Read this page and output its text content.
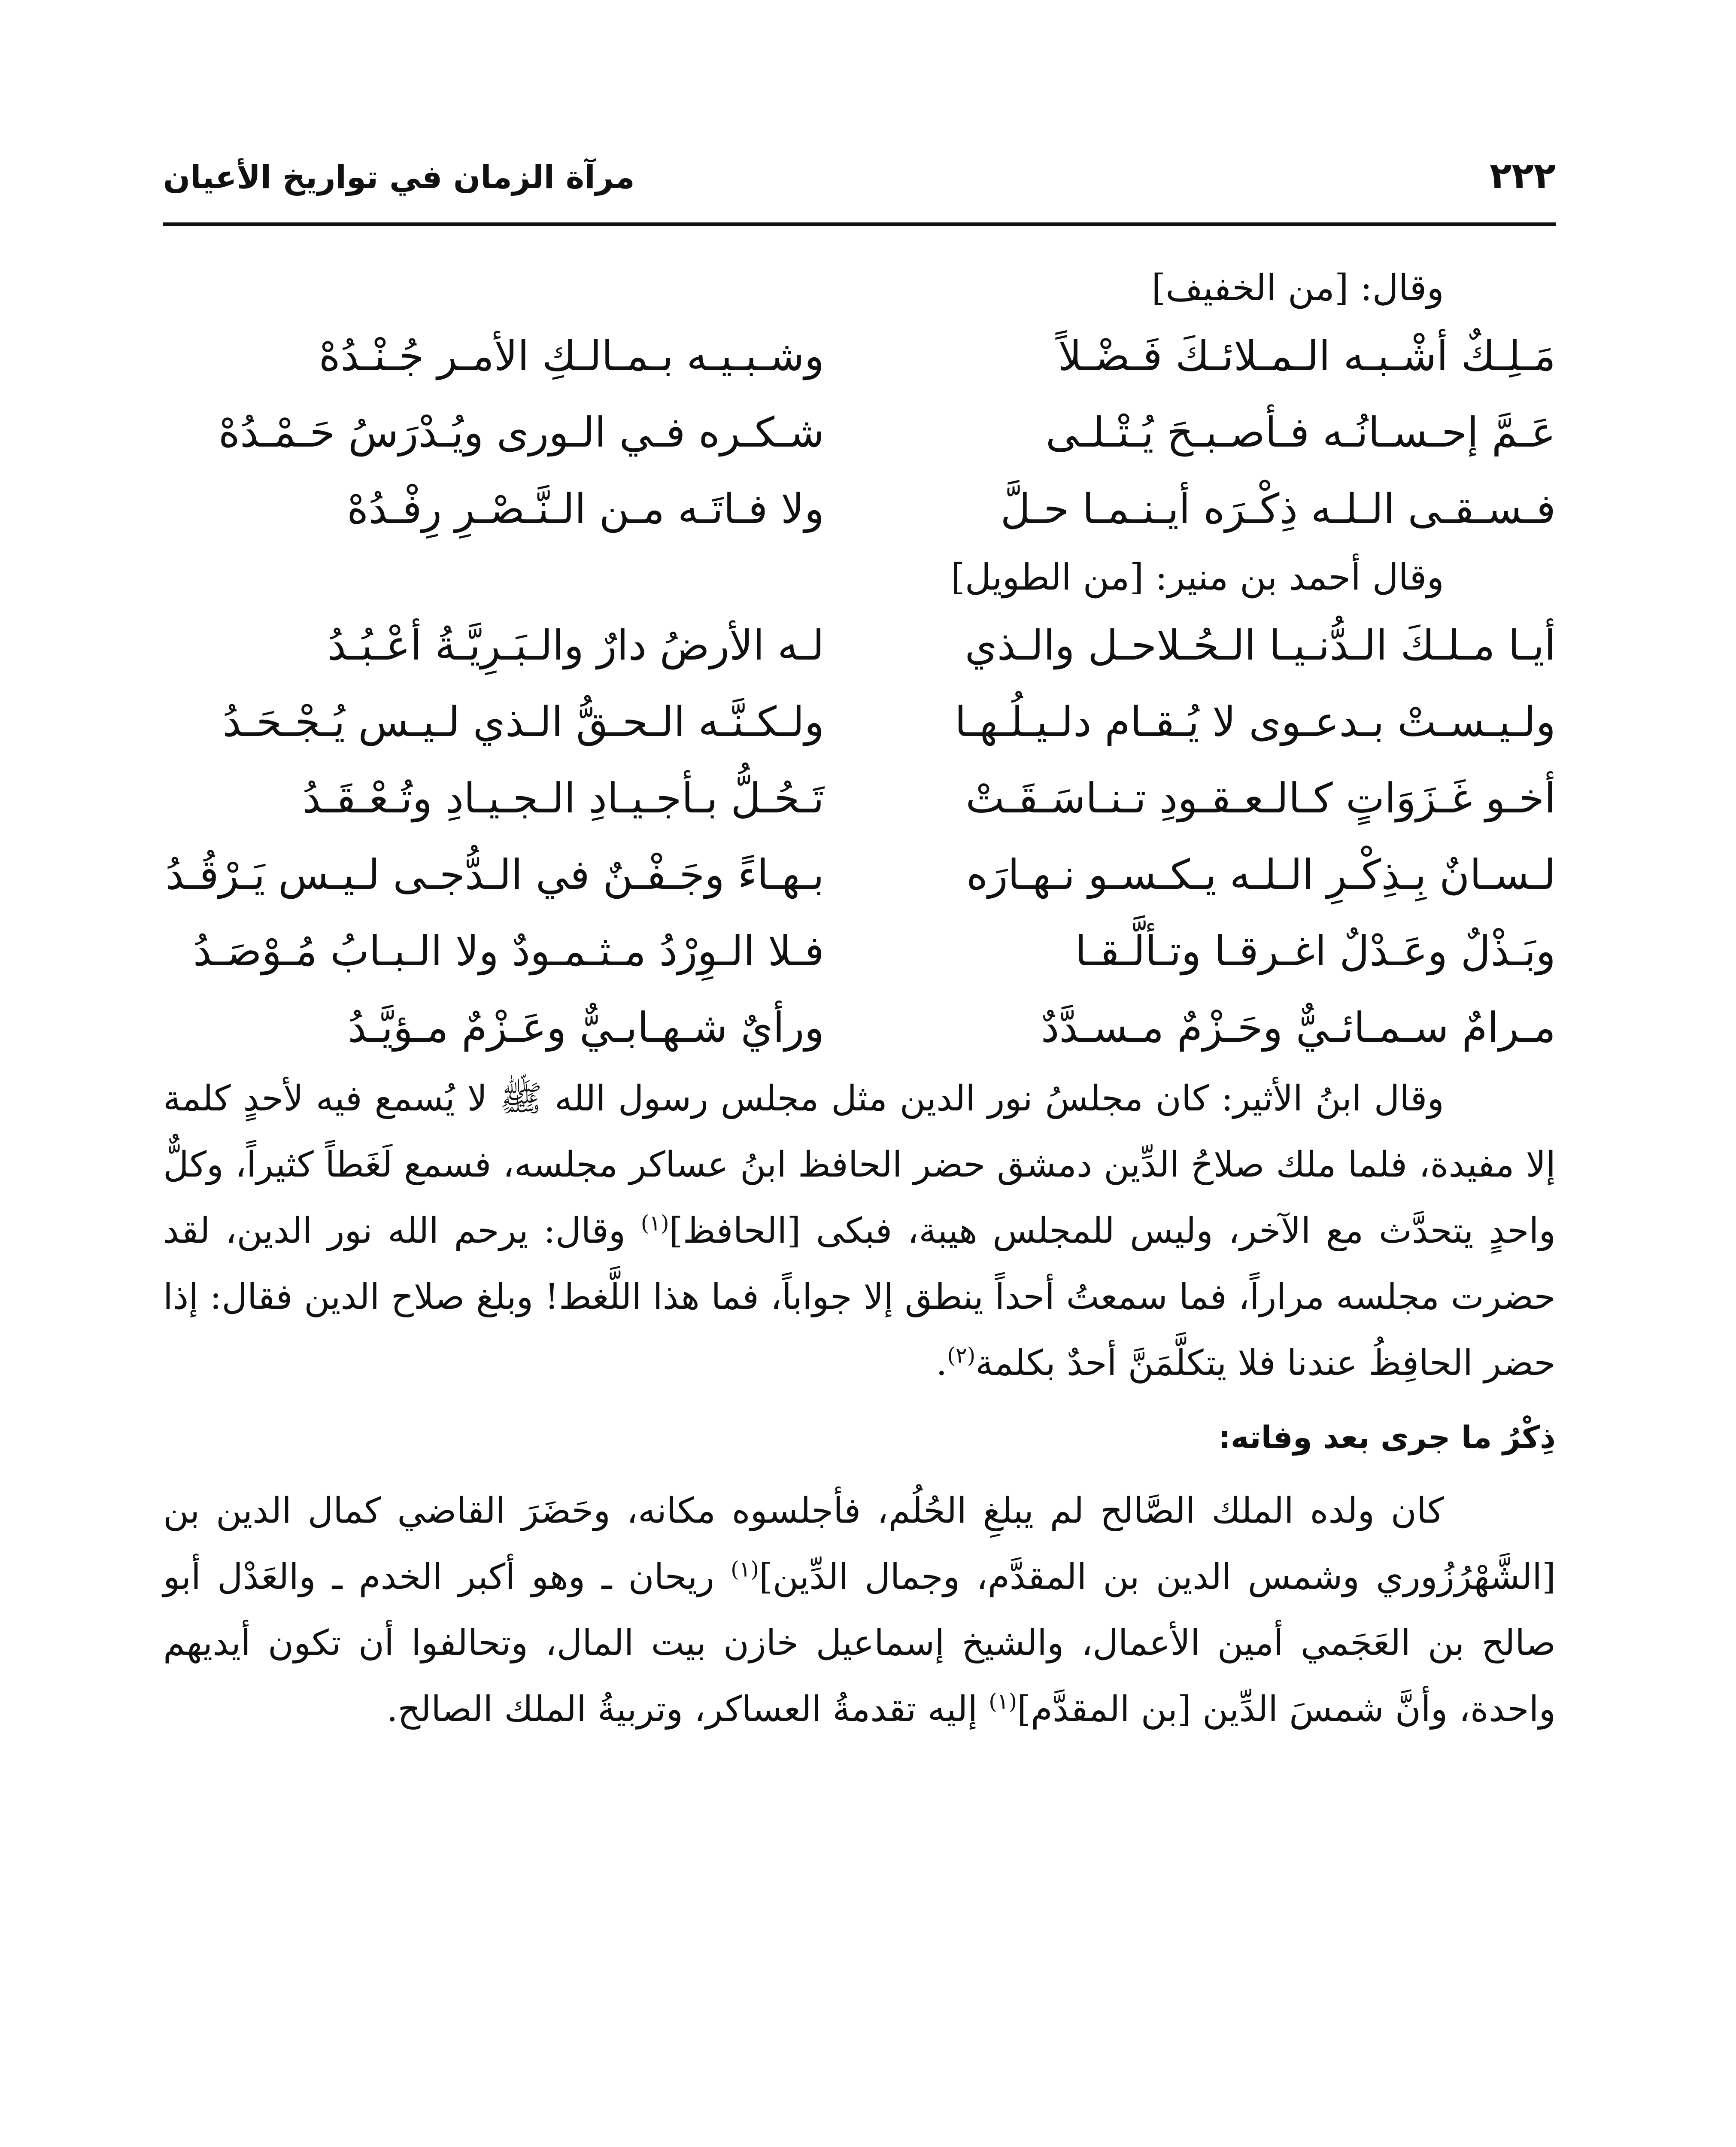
٢٢٢
مرآة الزمان في تواريخ الأعيان
وقال: [من الخفيف]
مَـلِـكٌ أشْـبـه الـمـلائـكَ فَـضْـلاً
وشـبـيـه بـمـالـكِ الأمـر جُـنْـدُهْ
عَـمَّ إحـسـانُـه فـأصـبـحَ يُـتْـلـى
شـكـره فـي الـورى ويُـدْرَسُ حَـمْـدُهْ
فـسـقـى الـلـه ذِكْـرَه أيـنـمـا حـلَّ
ولا فـاتَـه مـن الـنَّـصْـرِ رِفْـدُهْ
وقال أحمد بن منير: [من الطويل]
أيـا مـلـكَ الـدُّنـيـا الـحُـلاحـل والـذي
لـه الأرضُ دارٌ والـبَـرِيَّـةُ أعْـبُـدُ
ولـيـسـتْ بـدعـوى لا يُـقـام دلـيـلُـهـا
ولـكـنَّـه الـحـقُّ الـذي لـيـس يُـجْـحَـدُ
أخـو غَـزَوَاتٍ كـالـعـقـودِ تـنـاسَـقَـتْ
تَـحُـلُّ بـأجـيـادِ الـجـيـادِ وتُـعْـقَـدُ
لـسـانٌ بِـذِكْـرِ الـلـه يـكـسـو نـهـارَه
بـهـاءً وجَـفْـنٌ في الـدُّجـى لـيـس يَـرْقُـدُ
وبَـذْلٌ وعَـدْلٌ اغـرقـا وتـألَّـقـا
فـلا الـوِرْدُ مـثـمـودٌ ولا الـبـابُ مُـوْصَـدُ
مـرامٌ سـمـائـيٌّ وحَـزْمٌ مـسـدَّدٌ
ورأيٌ شـهـابـيٌّ وعَـزْمٌ مـؤيَّـدُ

وقال ابنُ الأثير: كان مجلسُ نور الدين مثل مجلس رسول الله ﷺ لا يُسمع فيه لأحدٍ كلمة إلا مفيدة، فلما ملك صلاحُ الدِّين دمشق حضر الحافظ ابنُ عساكر مجلسه، فسمع لَغَطاً كثيراً، وكلٌّ واحدٍ يتحدَّث مع الآخر، وليس للمجلس هيبة، فبكى [الحافظ]$^{(١)}$ وقال: يرحم الله نور الدين، لقد حضرت مجلسه مراراً، فما سمعتُ أحداً ينطق إلا جواباً، فما هذا اللَّغط! وبلغ صلاح الدين فقال: إذا حضر الحافِظُ عندنا فلا يتكلَّمَنَّ أحدٌ بكلمة$^{(٢)}$.

ذِكْرُ ما جرى بعد وفاته:

كان ولده الملك الصَّالح لم يبلغِ الحُلُم، فأجلسوه مكانه، وحَضَرَ القاضي كمال الدين بن [الشَّهْرُزُوري وشمس الدين بن المقدَّم، وجمال الدِّين]$^{(١)}$ ريحان ـ وهو أكبر الخدم ـ والعَدْل أبو صالح بن العَجَمي أمين الأعمال، والشيخ إسماعيل خازن بيت المال، وتحالفوا أن تكون أيديهم واحدة، وأنَّ شمسَ الدِّين [بن المقدَّم]$^{(١)}$ إليه تقدمةُ العساكر، وتربيةُ الملك الصالح.
